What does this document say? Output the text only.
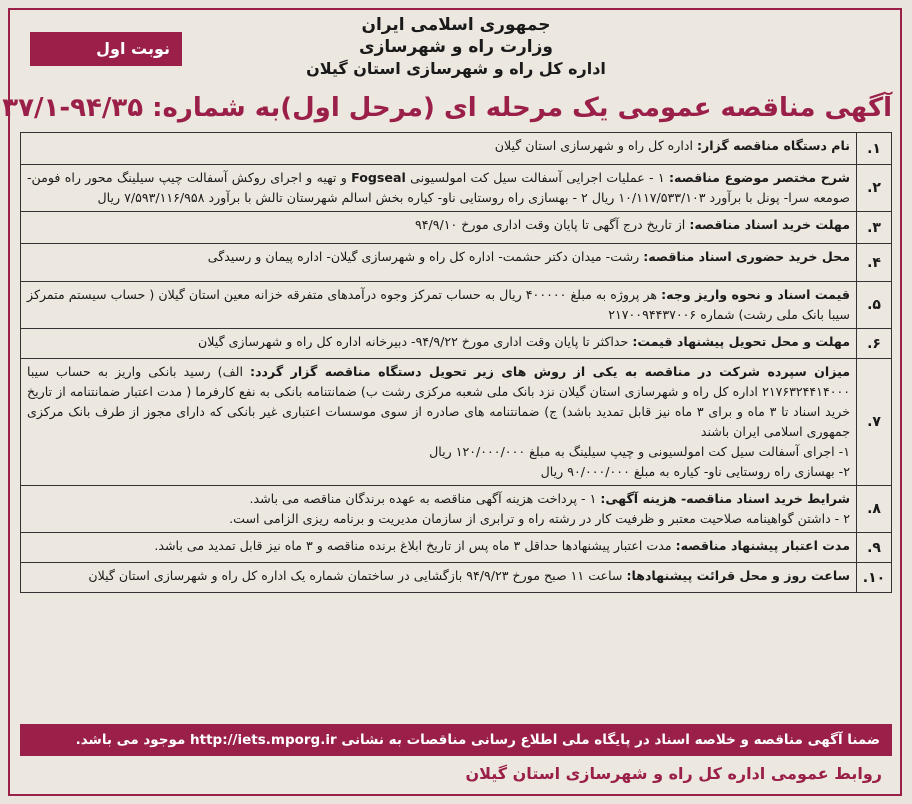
جمهوری اسلامی ایران
وزارت راه و شهرسازی
اداره کل راه و شهرسازی استان گیلان
نوبت اول
آگهی مناقصه عمومی یک مرحله ای (مرحل اول)به شماره: ۹۴/۳۵-۳۷/۱
۱.	نام دستگاه مناقصه گزار: اداره کل راه و شهرسازی استان گیلان
۲.	شرح مختصر موضوع مناقصه: ۱ - عملیات اجرایی آسفالت سیل کت امولسیونی Fogseal و تهیه و اجرای روکش آسفالت چیپ سیلینگ محور راه فومن- صومعه سرا- پونل با برآورد ۱۰/۱۱۷/۵۳۳/۱۰۳ ریال ۲ - بهسازی راه روستایی ناو- کیاره بخش اسالم شهرستان تالش با برآورد ۷/۵۹۳/۱۱۶/۹۵۸ ریال
۳.	مهلت خرید اسناد مناقصه: از تاریخ درج آگهی تا پایان وقت اداری مورخ ۹۴/۹/۱۰
۴.	محل خرید حضوری اسناد مناقصه: رشت- میدان دکتر حشمت- اداره کل راه و شهرسازی گیلان- اداره پیمان و رسیدگی
۵.	قیمت اسناد و نحوه واریز وجه: هر پروژه به مبلغ ۴۰۰۰۰۰ ریال به حساب تمرکز وجوه درآمدهای متفرقه خزانه معین استان گیلان ( حساب سیستم متمرکز سیبا بانک ملی رشت) شماره ۲۱۷۰۰۹۴۴۳۷۰۰۶
۶.	مهلت و محل تحویل پیشنهاد قیمت: حداکثر تا پایان وقت اداری مورخ ۹۴/۹/۲۲- دبیرخانه اداره کل راه و شهرسازی گیلان
۷.	میزان سپرده شرکت در مناقصه به یکی از روش های زیر تحویل دستگاه مناقصه گزار گردد: الف) رسید بانکی واریز به حساب سیبا ۲۱۷۶۳۲۴۴۱۴۰۰۰ اداره کل راه و شهرسازی استان گیلان نزد بانک ملی شعبه مرکزی رشت ب) ضمانتنامه بانکی به نفع کارفرما ( مدت اعتبار ضمانتنامه از تاریخ خرید اسناد تا ۳ ماه و برای ۳ ماه نیز قابل تمدید باشد) ج) ضمانتنامه های صادره از سوی موسسات اعتباری غیر بانکی که دارای مجوز از طرف بانک مرکزی جمهوری اسلامی ایران باشند
۱- اجرای آسفالت سیل کت امولسیونی و چیپ سیلینگ به مبلغ ۱۲۰/۰۰۰/۰۰۰ ریال
۲- بهسازی راه روستایی ناو- کیاره به مبلغ ۹۰/۰۰۰/۰۰۰ ریال

۸.	شرایط خرید اسناد مناقصه- هزینه آگهی: ۱ - پرداخت هزینه آگهی مناقصه به عهده برندگان مناقصه می باشد.
۲ - داشتن گواهینامه صلاحیت معتبر و ظرفیت کار در رشته راه و ترابری از سازمان مدیریت و برنامه ریزی الزامی است.

۹.	مدت اعتبار پیشنهاد مناقصه: مدت اعتبار پیشنهادها حداقل ۳ ماه پس از تاریخ ابلاغ برنده مناقصه و ۳ ماه نیز قابل تمدید می باشد.
۱۰.	ساعت روز و محل قرائت پیشنهادها: ساعت ۱۱ صبح مورخ ۹۴/۹/۲۳ بازگشایی در ساختمان شماره یک اداره کل راه و شهرسازی استان گیلان
ضمنا آگهی مناقصه و خلاصه اسناد در پایگاه ملی اطلاع رسانی مناقصات به نشانی http://iets.mporg.ir موجود می باشد.
روابط عمومی اداره کل راه و شهرسازی استان گیلان
